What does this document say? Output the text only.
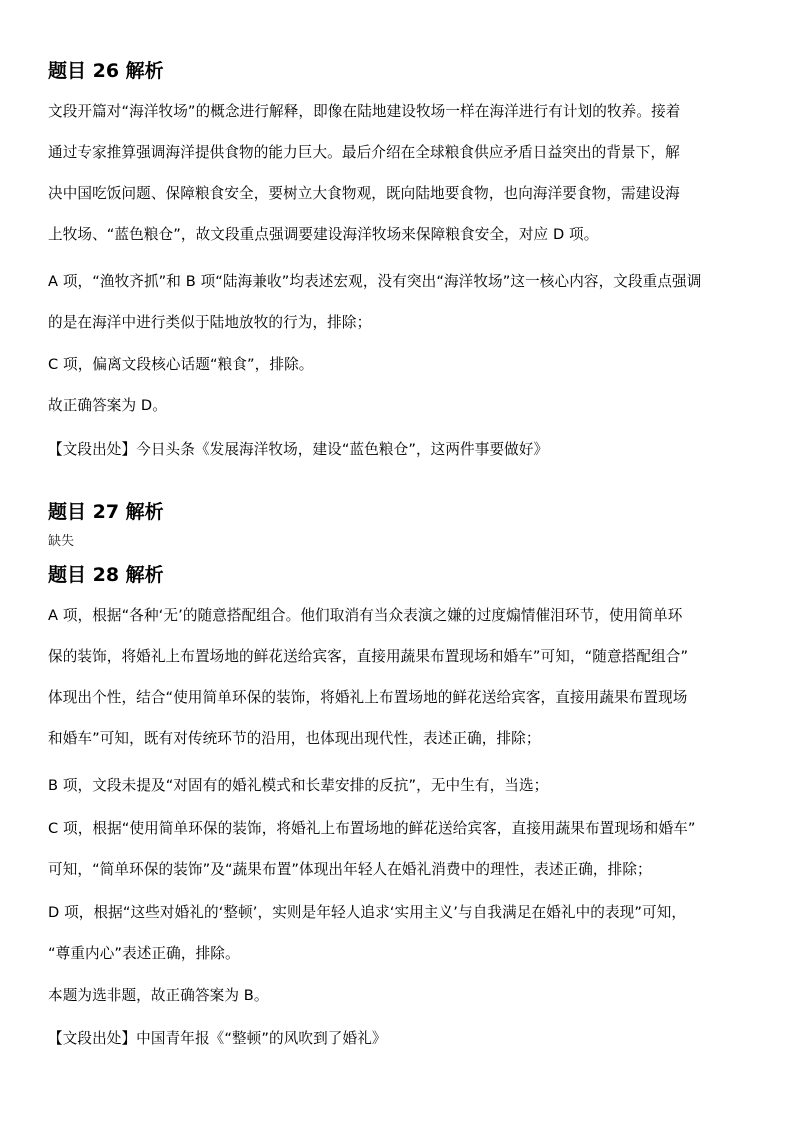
题目 26 解析
文段开篇对“海洋牧场”的概念进行解释，即像在陆地建设牧场一样在海洋进行有计划的牧养。接着
通过专家推算强调海洋提供食物的能力巨大。最后介绍在全球粮食供应矛盾日益突出的背景下，解
决中国吃饭问题、保障粮食安全，要树立大食物观，既向陆地要食物，也向海洋要食物，需建设海
上牧场、“蓝色粮仓”，故文段重点强调要建设海洋牧场来保障粮食安全，对应 D 项。
A 项，“渔牧齐抓”和 B 项“陆海兼收”均表述宏观，没有突出“海洋牧场”这一核心内容，文段重点强调
的是在海洋中进行类似于陆地放牧的行为，排除；
C 项，偏离文段核心话题“粮食”，排除。
故正确答案为 D。
【文段出处】今日头条《发展海洋牧场，建设“蓝色粮仓”，这两件事要做好》
题目 27 解析
缺失
题目 28 解析
A 项，根据“各种‘无’的随意搭配组合。他们取消有当众表演之嫌的过度煽情催泪环节，使用简单环
保的装饰，将婚礼上布置场地的鲜花送给宾客，直接用蔬果布置现场和婚车”可知，“随意搭配组合”
体现出个性，结合“使用简单环保的装饰，将婚礼上布置场地的鲜花送给宾客，直接用蔬果布置现场
和婚车”可知，既有对传统环节的沿用，也体现出现代性，表述正确，排除；
B 项，文段未提及“对固有的婚礼模式和长辈安排的反抗”，无中生有，当选；
C 项，根据“使用简单环保的装饰，将婚礼上布置场地的鲜花送给宾客，直接用蔬果布置现场和婚车”
可知，“简单环保的装饰”及“蔬果布置”体现出年轻人在婚礼消费中的理性，表述正确，排除；
D 项，根据“这些对婚礼的‘整顿’，实则是年轻人追求‘实用主义’与自我满足在婚礼中的表现”可知，
“尊重内心”表述正确，排除。
本题为选非题，故正确答案为 B。
【文段出处】中国青年报《“整顿”的风吹到了婚礼》
